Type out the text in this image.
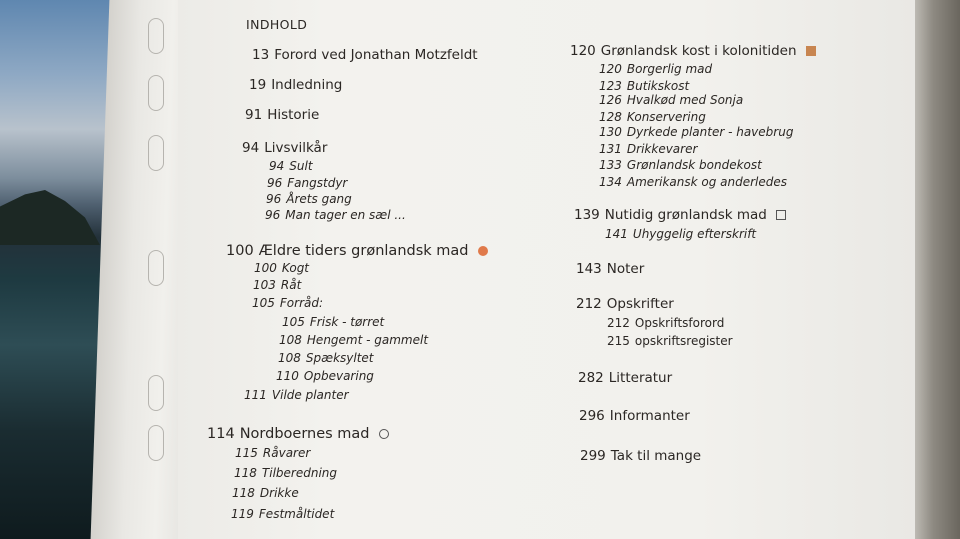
INDHOLD
13 Forord ved Jonathan Motzfeldt
19 Indledning
91 Historie
94 Livsvilkår
94 Sult
96 Fangstdyr
96 Årets gang
96 Man tager en sæl ...
100 Ældre tiders grønlandsk mad
100 Kogt
103 Råt
105 Forråd:
105 Frisk - tørret
108 Hengemt - gammelt
108 Spæksyltet
110 Opbevaring
111 Vilde planter
114 Nordboernes mad
115 Råvarer
118 Tilberedning
118 Drikke
119 Festmåltidet
120 Grønlandsk kost i kolonitiden
120 Borgerlig mad
123 Butikskost
126 Hvalkød med Sonja
128 Konservering
130 Dyrkede planter - havebrug
131 Drikkevarer
133 Grønlandsk bondekost
134 Amerikansk og anderledes
139 Nutidig grønlandsk mad
141 Uhyggelig efterskrift
143 Noter
212 Opskrifter
212 Opskriftsforord
215 opskriftsregister
282 Litteratur
296 Informanter
299 Tak til mange
